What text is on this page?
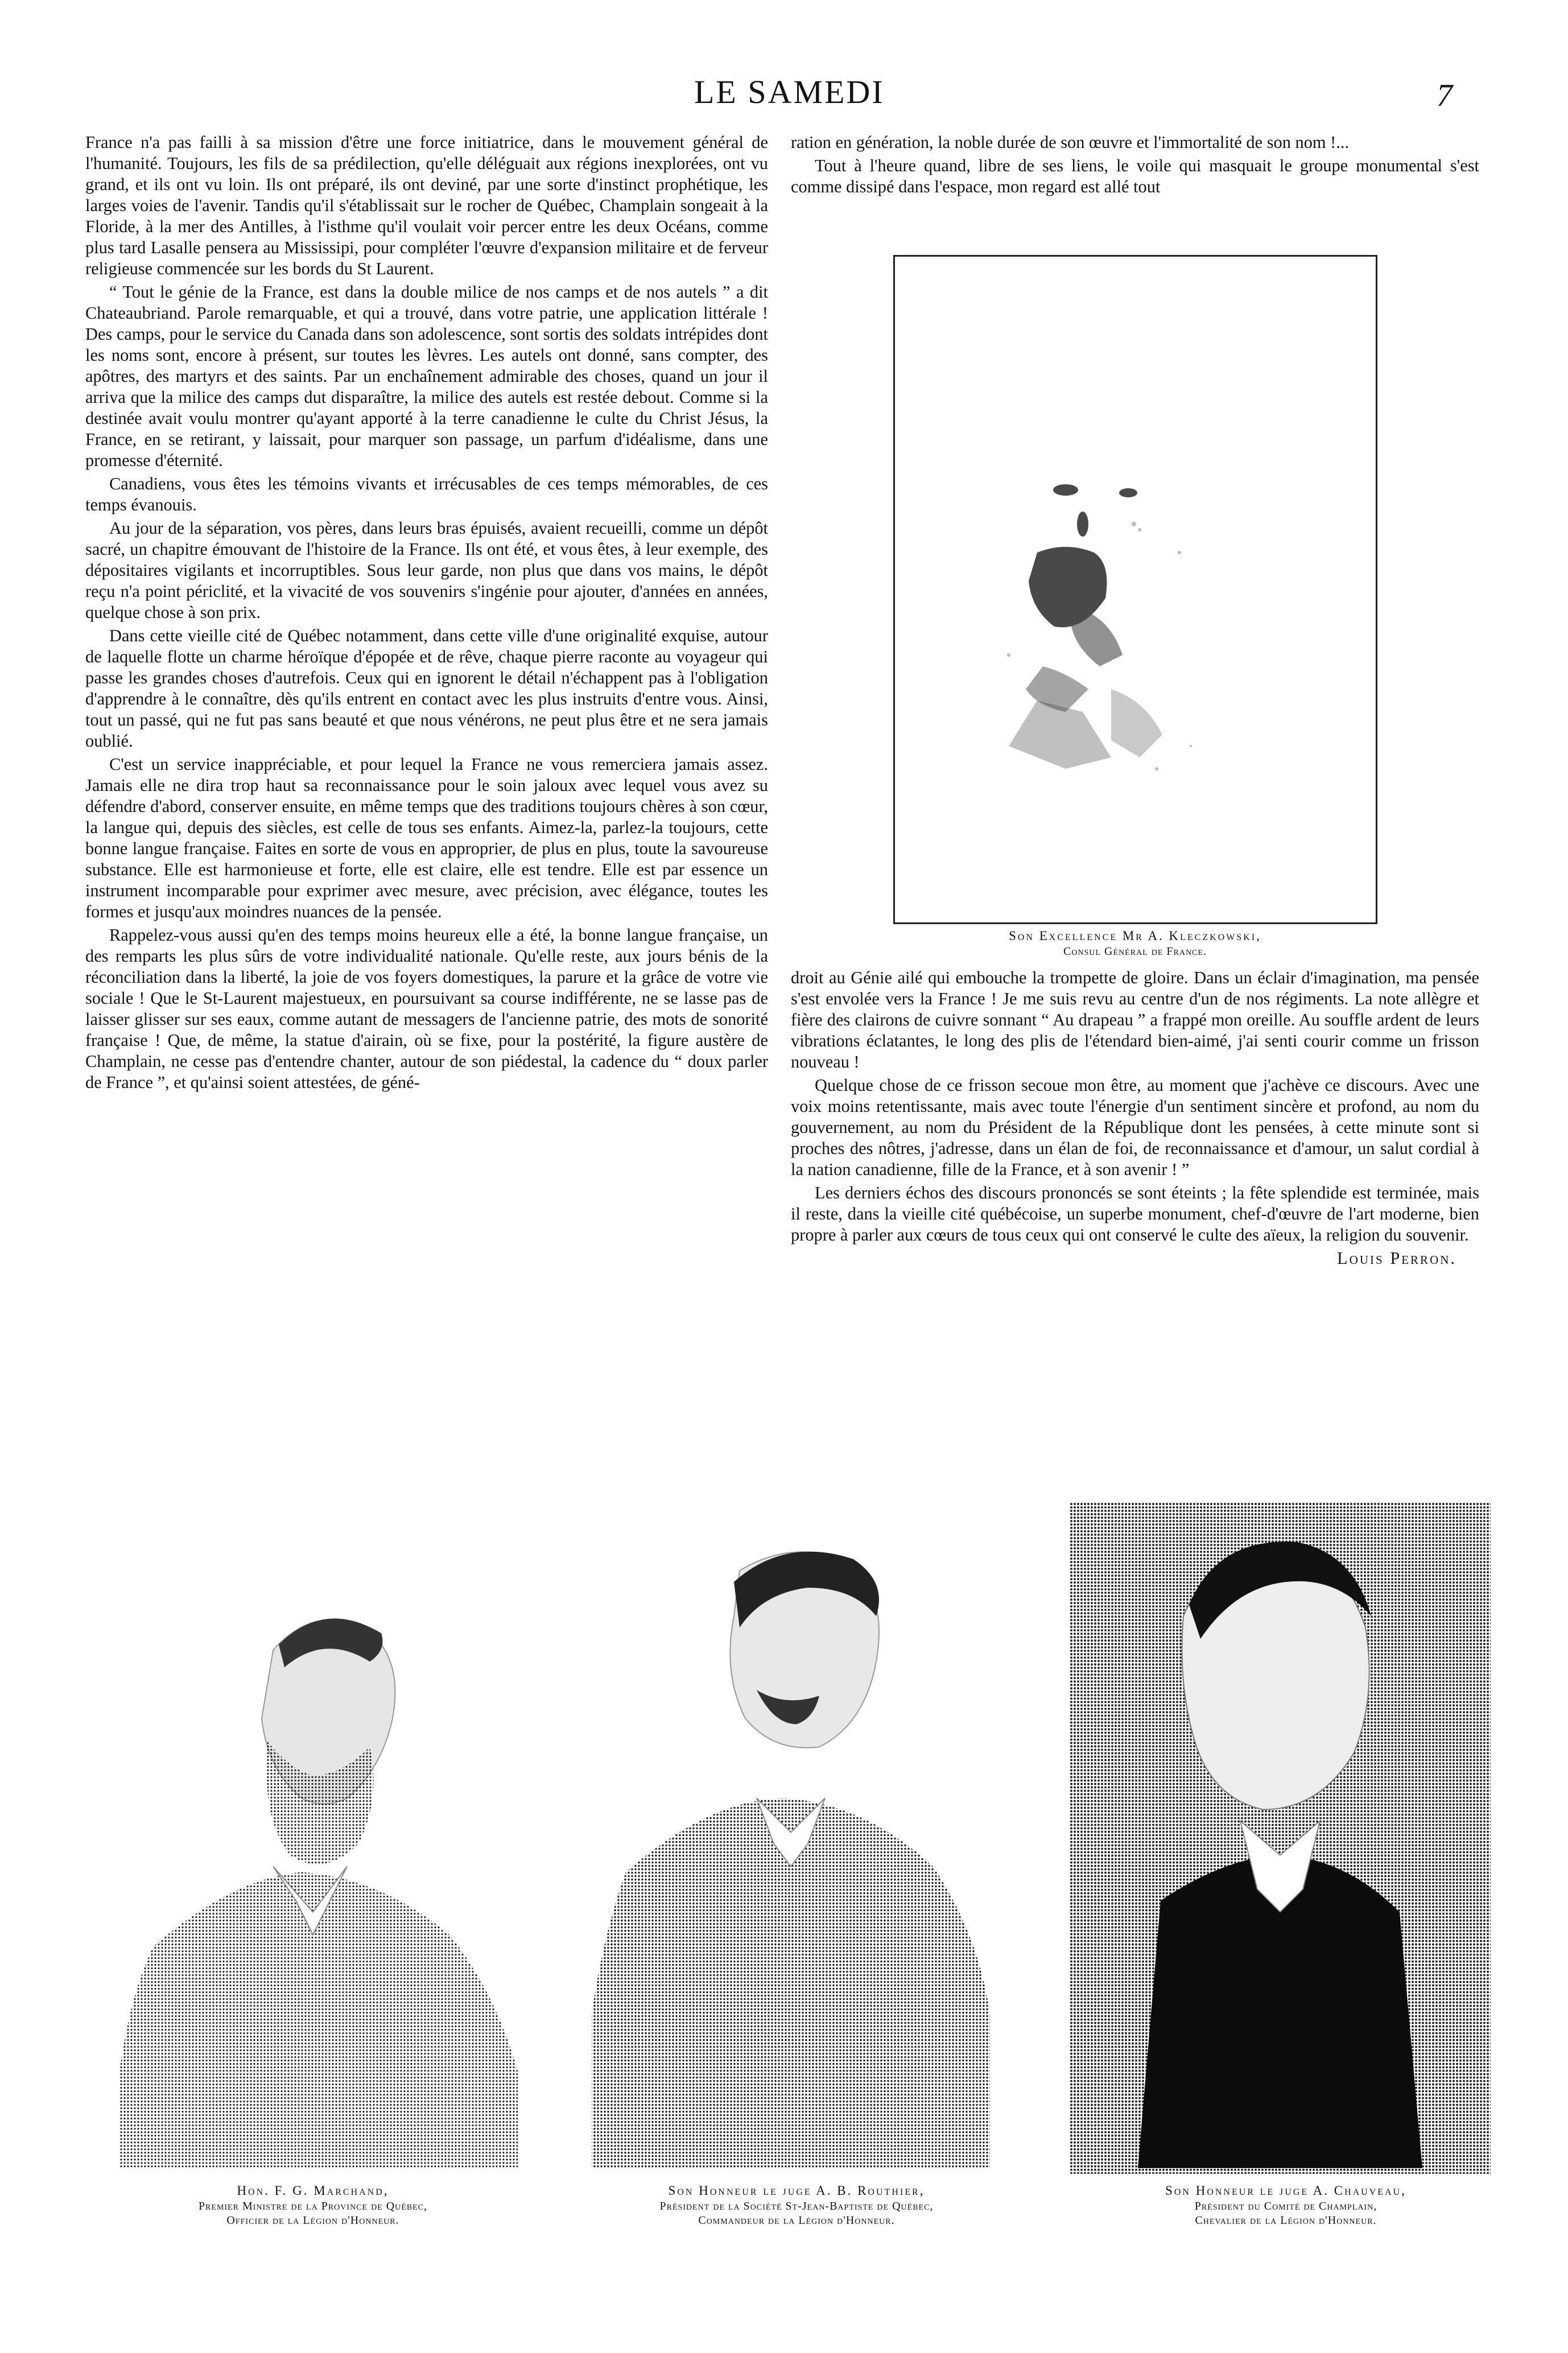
LE SAMEDI	7

France n'a pas failli à sa mission d'être une force initiatrice, dans le mouvement général de l'humanité. Toujours, les fils de sa prédilection, qu'elle déléguait aux régions inexplorées, ont vu grand, et ils ont vu loin. Ils ont préparé, ils ont deviné, par une sorte d'instinct prophétique, les larges voies de l'avenir. Tandis qu'il s'établissait sur le rocher de Québec, Champlain songeait à la Floride, à la mer des Antilles, à l'isthme qu'il voulait voir percer entre les deux Océans, comme plus tard Lasalle pensera au Mississipi, pour compléter l'œuvre d'expansion militaire et de ferveur religieuse commencée sur les bords du St Laurent.

“ Tout le génie de la France, est dans la double milice de nos camps et de nos autels ” a dit Chateaubriand. Parole remarquable, et qui a trouvé, dans votre patrie, une application littérale ! Des camps, pour le service du Canada dans son adolescence, sont sortis des soldats intrépides dont les noms sont, encore à présent, sur toutes les lèvres. Les autels ont donné, sans compter, des apôtres, des martyrs et des saints. Par un enchaînement admirable des choses, quand un jour il arriva que la milice des camps dut disparaître, la milice des autels est restée debout. Comme si la destinée avait voulu montrer qu'ayant apporté à la terre canadienne le culte du Christ Jésus, la France, en se retirant, y laissait, pour marquer son passage, un parfum d'idéalisme, dans une promesse d'éternité.

Canadiens, vous êtes les témoins vivants et irrécusables de ces temps mémorables, de ces temps évanouis.

Au jour de la séparation, vos pères, dans leurs bras épuisés, avaient recueilli, comme un dépôt sacré, un chapitre émouvant de l'histoire de la France. Ils ont été, et vous êtes, à leur exemple, des dépositaires vigilants et incorruptibles. Sous leur garde, non plus que dans vos mains, le dépôt reçu n'a point périclité, et la vivacité de vos souvenirs s'ingénie pour ajouter, d'années en années, quelque chose à son prix.

Dans cette vieille cité de Québec notamment, dans cette ville d'une originalité exquise, autour de laquelle flotte un charme héroïque d'épopée et de rêve, chaque pierre raconte au voyageur qui passe les grandes choses d'autrefois. Ceux qui en ignorent le détail n'échappent pas à l'obligation d'apprendre à le connaître, dès qu'ils entrent en contact avec les plus instruits d'entre vous. Ainsi, tout un passé, qui ne fut pas sans beauté et que nous vénérons, ne peut plus être et ne sera jamais oublié.

C'est un service inappréciable, et pour lequel la France ne vous remerciera jamais assez. Jamais elle ne dira trop haut sa reconnaissance pour le soin jaloux avec lequel vous avez su défendre d'abord, conserver ensuite, en même temps que des traditions toujours chères à son cœur, la langue qui, depuis des siècles, est celle de tous ses enfants. Aimez-la, parlez-la toujours, cette bonne langue française. Faites en sorte de vous en approprier, de plus en plus, toute la savoureuse substance. Elle est harmonieuse et forte, elle est claire, elle est tendre. Elle est par essence un instrument incomparable pour exprimer avec mesure, avec précision, avec élégance, toutes les formes et jusqu'aux moindres nuances de la pensée.

Rappelez-vous aussi qu'en des temps moins heureux elle a été, la bonne langue française, un des remparts les plus sûrs de votre individualité nationale. Qu'elle reste, aux jours bénis de la réconciliation dans la liberté, la joie de vos foyers domestiques, la parure et la grâce de votre vie sociale ! Que le St-Laurent majestueux, en poursuivant sa course indifférente, ne se lasse pas de laisser glisser sur ses eaux, comme autant de messagers de l'ancienne patrie, des mots de sonorité française ! Que, de même, la statue d'airain, où se fixe, pour la postérité, la figure austère de Champlain, ne cesse pas d'entendre chanter, autour de son piédestal, la cadence du “ doux parler de France ”, et qu'ainsi soient attestées, de géné-

ration en génération, la noble durée de son œuvre et l'immortalité de son nom !...

Tout à l'heure quand, libre de ses liens, le voile qui masquait le groupe monumental s'est comme dissipé dans l'espace, mon regard est allé tout

Son Excellence Mr A. Kleczkowski,
Consul Général de France.

droit au Génie ailé qui embouche la trompette de gloire. Dans un éclair d'imagination, ma pensée s'est envolée vers la France ! Je me suis revu au centre d'un de nos régiments. La note allègre et fière des clairons de cuivre sonnant “ Au drapeau ” a frappé mon oreille. Au souffle ardent de leurs vibrations éclatantes, le long des plis de l'étendard bien-aimé, j'ai senti courir comme un frisson nouveau !

Quelque chose de ce frisson secoue mon être, au moment que j'achève ce discours. Avec une voix moins retentissante, mais avec toute l'énergie d'un sentiment sincère et profond, au nom du gouvernement, au nom du Président de la République dont les pensées, à cette minute sont si proches des nôtres, j'adresse, dans un élan de foi, de reconnaissance et d'amour, un salut cordial à la nation canadienne, fille de la France, et à son avenir ! ”

Les derniers échos des discours prononcés se sont éteints ; la fête splendide est terminée, mais il reste, dans la vieille cité québécoise, un superbe monument, chef-d'œuvre de l'art moderne, bien propre à parler aux cœurs de tous ceux qui ont conservé le culte des aïeux, la religion du souvenir.

Louis Perron.
Hon. F. G. Marchand,
Premier Ministre de la Province de Québec,
Officier de la Légion d'Honneur.
Son Honneur le juge A. B. Routhier,
Président de la Société St-Jean-Baptiste de Québec,
Commandeur de la Légion d'Honneur.
Son Honneur le juge A. Chauveau,
Président du Comité de Champlain,
Chevalier de la Légion d'Honneur.
